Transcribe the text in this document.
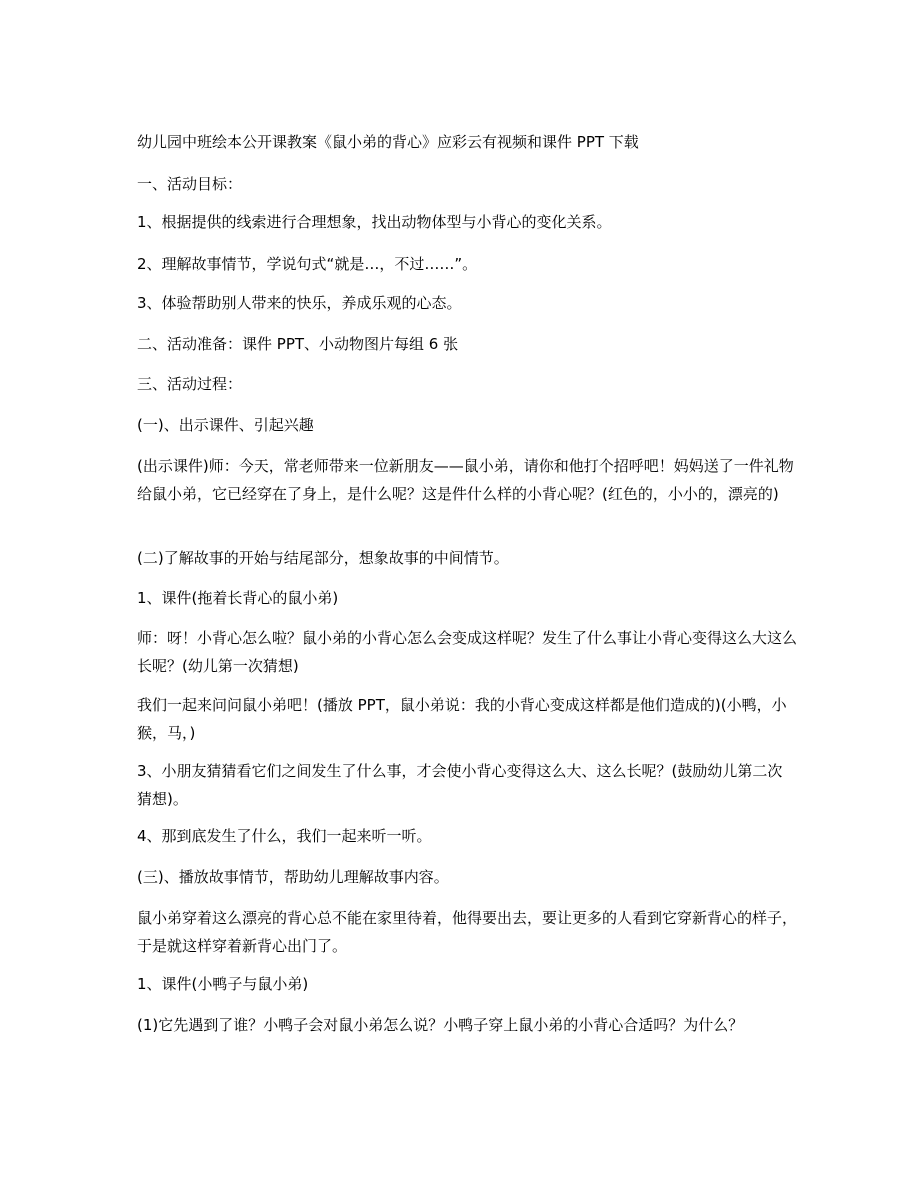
幼儿园中班绘本公开课教案《鼠小弟的背心》应彩云有视频和课件 PPT 下载

一、活动目标：

1、根据提供的线索进行合理想象，找出动物体型与小背心的变化关系。

2、理解故事情节，学说句式“就是…，不过……”。

3、体验帮助别人带来的快乐，养成乐观的心态。

二、活动准备：课件 PPT、小动物图片每组 6 张

三、活动过程：

(一)、出示课件、引起兴趣

(出示课件)师：今天，常老师带来一位新朋友——鼠小弟，请你和他打个招呼吧！妈妈送了一件礼物给鼠小弟，它已经穿在了身上，是什么呢？这是件什么样的小背心呢？(红色的，小小的，漂亮的)

(二)了解故事的开始与结尾部分，想象故事的中间情节。

1、课件(拖着长背心的鼠小弟)

师：呀！小背心怎么啦？鼠小弟的小背心怎么会变成这样呢？发生了什么事让小背心变得这么大这么长呢？(幼儿第一次猜想)

我们一起来问问鼠小弟吧！(播放 PPT，鼠小弟说：我的小背心变成这样都是他们造成的)(小鸭，小猴，马，)

3、小朋友猜猜看它们之间发生了什么事，才会使小背心变得这么大、这么长呢？(鼓励幼儿第二次猜想)。

4、那到底发生了什么，我们一起来听一听。

(三)、播放故事情节，帮助幼儿理解故事内容。

鼠小弟穿着这么漂亮的背心总不能在家里待着，他得要出去，要让更多的人看到它穿新背心的样子，于是就这样穿着新背心出门了。

1、课件(小鸭子与鼠小弟)

(1)它先遇到了谁？小鸭子会对鼠小弟怎么说？小鸭子穿上鼠小弟的小背心合适吗？为什么？
